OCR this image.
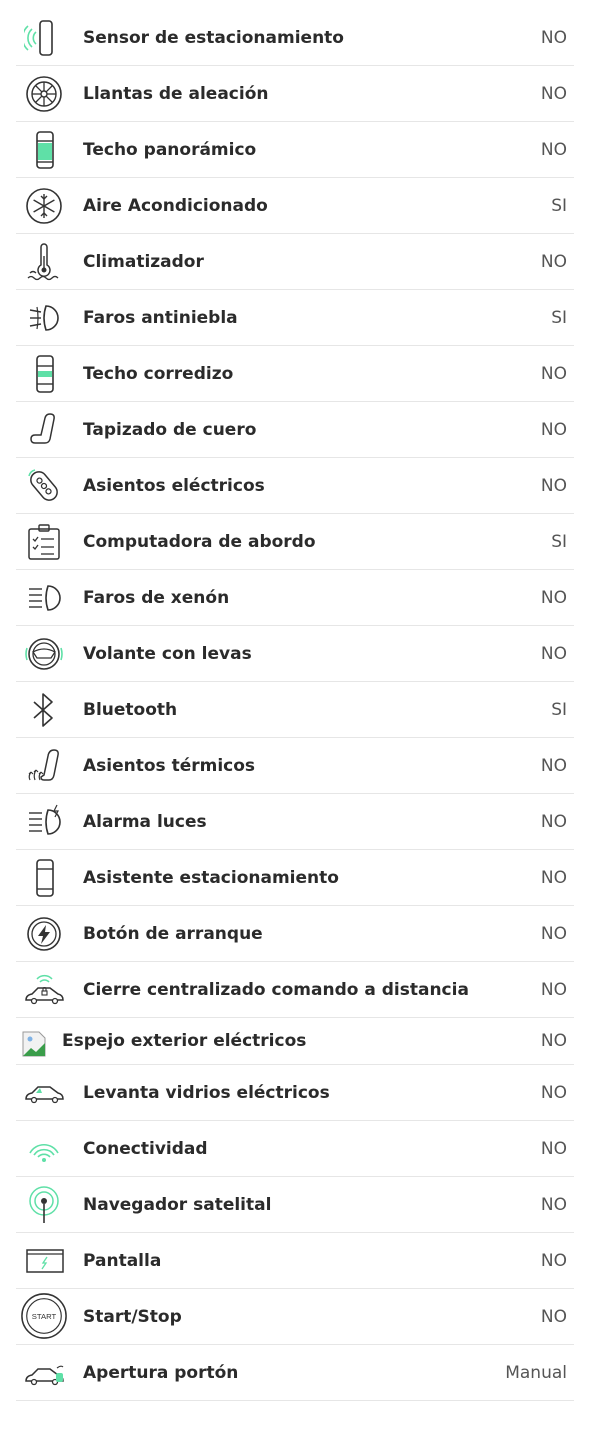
Sensor de estacionamiento	NO
Llantas de aleación	NO
Techo panorámico	NO
Aire Acondicionado	SI
Climatizador	NO
Faros antiniebla	SI
Techo corredizo	NO
Tapizado de cuero	NO
Asientos eléctricos	NO
Computadora de abordo	SI
Faros de xenón	NO
Volante con levas	NO
Bluetooth	SI
Asientos térmicos	NO
Alarma luces	NO
Asistente estacionamiento	NO
Botón de arranque	NO
Cierre centralizado comando a distancia	NO
Espejo exterior eléctricos	NO
Levanta vidrios eléctricos	NO
Conectividad	NO
Navegador satelital	NO
Pantalla	NO
START Start/Stop	NO
Apertura portón	Manual
